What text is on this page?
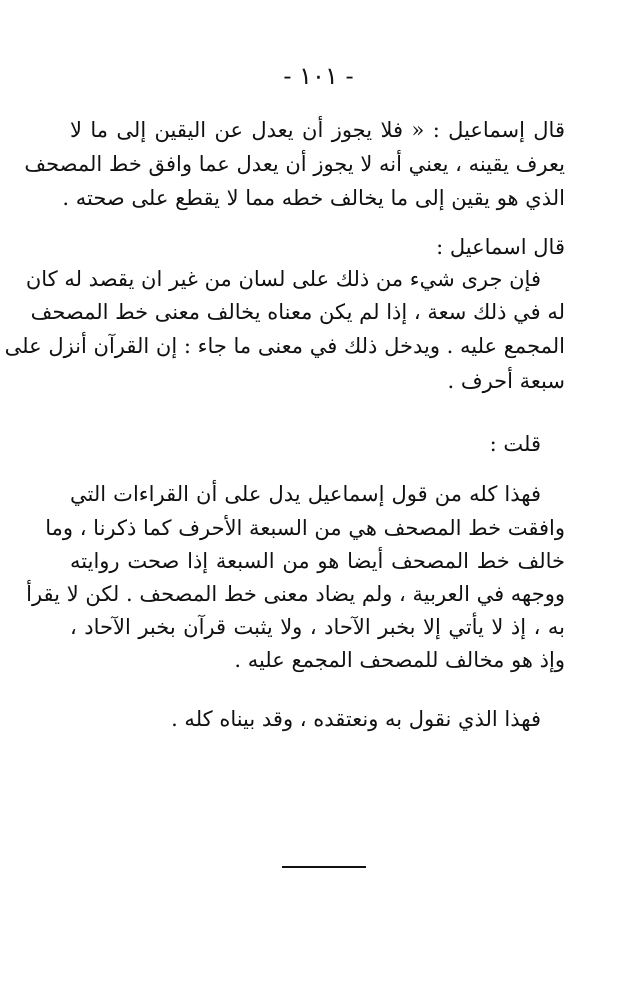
- ١٠١ -
قال إسماعيل : « فلا يجوز أن يعدل عن اليقين إلى ما لا
يعرف يقينه ، يعني أنه لا يجوز أن يعدل عما وافق خط المصحف
الذي هو يقين إلى ما يخالف خطه مما لا يقطع على صحته .
قال اسماعيل :
فإن جرى شيء من ذلك على لسان من غير ان يقصد له كان
له في ذلك سعة ، إذا لم يكن معناه يخالف معنى خط المصحف
المجمع عليه . ويدخل ذلك في معنى ما جاء : إن القرآن أنزل على
سبعة أحرف .
قلت :
فهذا كله من قول إسماعيل يدل على أن القراءات التي
وافقت خط المصحف هي من السبعة الأحرف كما ذكرنا ، وما
خالف خط المصحف أيضا هو من السبعة إذا صحت روايته
ووجهه في العربية ، ولم يضاد معنى خط المصحف . لكن لا يقرأ
به ، إذ لا يأتي إلا بخبر الآحاد ، ولا يثبت قرآن بخبر الآحاد ،
وإذ هو مخالف للمصحف المجمع عليه .
فهذا الذي نقول به ونعتقده ، وقد بيناه كله .
